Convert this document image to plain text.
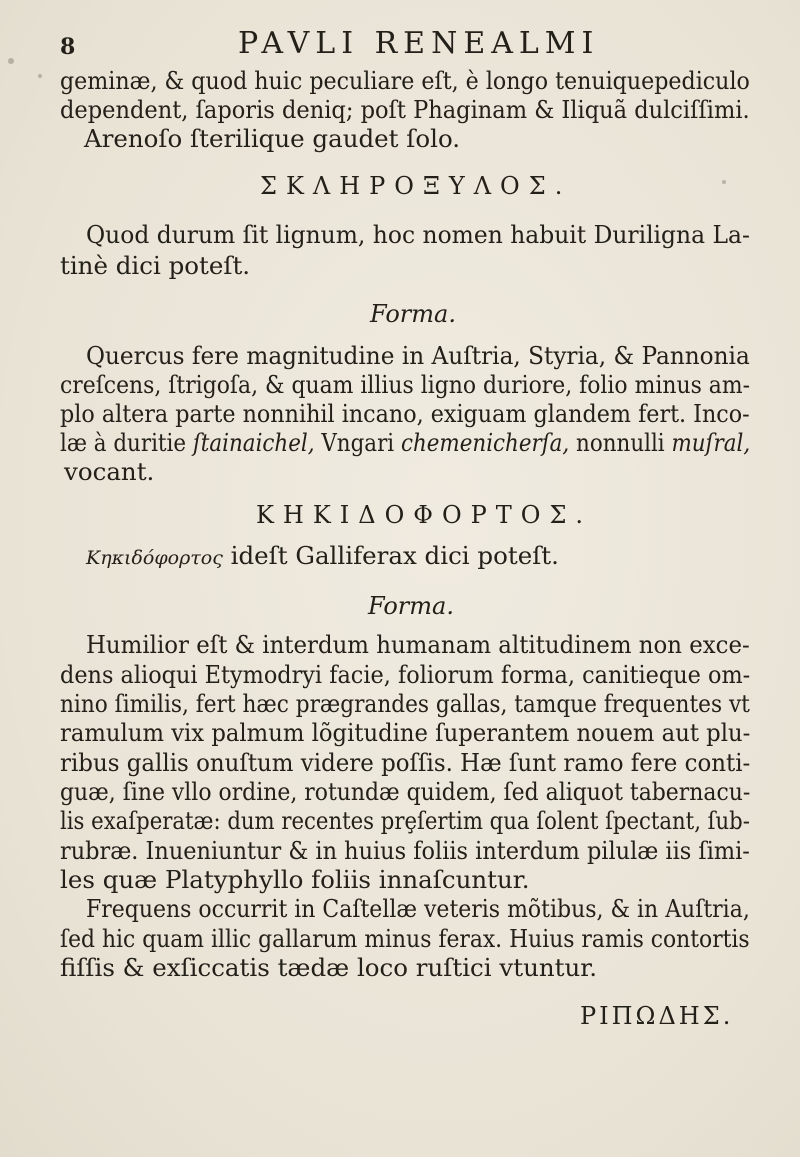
8	PAVLI RENEALMI
geminæ, & quod huic peculiare eſt, è longo tenuiquepediculo
dependent, ſaporis deniq; poſt Phaginam & Iliquã dulciſſimi.
Arenoſo ſterilique gaudet ſolo.
ΣΚΛΗΡΟΞΥΛΟΣ.
Quod durum ſit lignum, hoc nomen habuit Duriligna La-
tinè dici poteſt.
Forma.
Quercus fere magnitudine in Auſtria, Styria, & Pannonia
creſcens, ſtrigoſa, & quam illius ligno duriore, folio minus am-
plo altera parte nonnihil incano, exiguam glandem fert. Inco-
læ à duritie ſtainaichel, Vngari chemenicherſa, nonnulli muſral,
vocant.
ΚΗΚΙΔΟΦΟΡΤΟΣ.
Κηκιδόφορτος ideſt Galliferax dici poteſt.
Forma.
Humilior eſt & interdum humanam altitudinem non exce-
dens alioqui Etymodryi facie, foliorum forma, canitieque om-
nino ſimilis, fert hæc prægrandes gallas, tamque frequentes vt
ramulum vix palmum lõgitudine ſuperantem nouem aut plu-
ribus gallis onuſtum videre poſſis. Hæ ſunt ramo fere conti-
guæ, ſine vllo ordine, rotundæ quidem, ſed aliquot tabernacu-
lis exaſperatæ: dum recentes prȩſertim qua ſolent ſpectant, ſub-
rubræ. Inueniuntur & in huius foliis interdum pilulæ iis ſimi-
les quæ Platyphyllo foliis innaſcuntur.
Frequens occurrit in Caſtellæ veteris mõtibus, & in Auſtria,
ſed hic quam illic gallarum minus ferax. Huius ramis contortis
fiſſis & exſiccatis tædæ loco ruſtici vtuntur.
ΡΙΠΩΔΗΣ.
